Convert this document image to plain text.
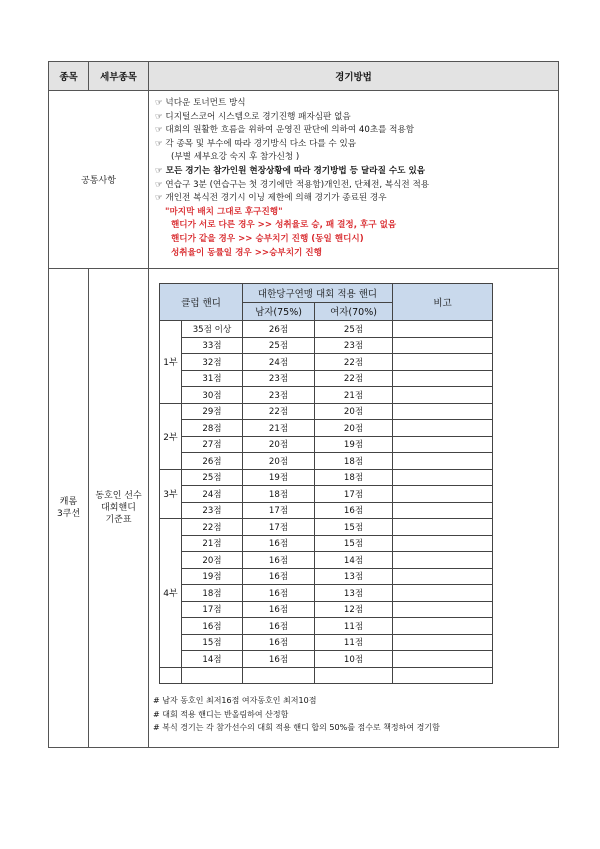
종목	세부종목	경기방법
공통사항	
☞ 넉다운 토너먼트 방식
☞ 디지털스코어 시스템으로 경기진행 패자심판 없음
☞ 대회의 원활한 흐름을 위하여 운영진 판단에 의하여 40초를 적용함
☞ 각 종목 및 부수에 따라 경기방식 다소 다를 수 있음
(부별 세부요강 숙지 후 참가신청 )
☞ 모든 경기는 참가인원 현장상황에 따라 경기방법 등 달라질 수도 있음
☞ 연습구 3분 (연습구는 첫 경기에만 적용함)개인전, 단체전, 복식전 적용
☞ 개인전 복식전 경기시 이닝 제한에 의해 경기가 종료된 경우
"마지막 배치 그대로 후구진행"
핸디가 서로 다른 경우 >> 성취율로 승, 패 결정, 후구 없음
핸디가 같을 경우 >> 승부치기 진행 (동일 핸디시)
성취율이 동률일 경우 >>승부치기 진행

캐롬
3쿠션

동호인 선수
대회핸디
기준표

클럽 핸디	대한당구연맹 대회 적용 핸디	비고
남자(75%)	여자(70%)
1부	35점 이상	26점	25점	
33점	25점	23점	
32점	24점	22점	
31점	23점	22점	
30점	23점	21점	
2부	29점	22점	20점	
28점	21점	20점	
27점	20점	19점	
26점	20점	18점	
3부	25점	19점	18점	
24점	18점	17점	
23점	17점	16점	
4부	22점	17점	15점	
21점	16점	15점	
20점	16점	14점	
19점	16점	13점	
18점	16점	13점	
17점	16점	12점	
16점	16점	11점	
15점	16점	11점	
14점	16점	10점	

# 남자 동호인 최저16점 여자동호인 최저10점
# 대회 적용 핸디는 반올림하여 산정함
# 복식 경기는 각 참가선수의 대회 적용 핸디 합의 50%를 점수로 책정하여 경기함
